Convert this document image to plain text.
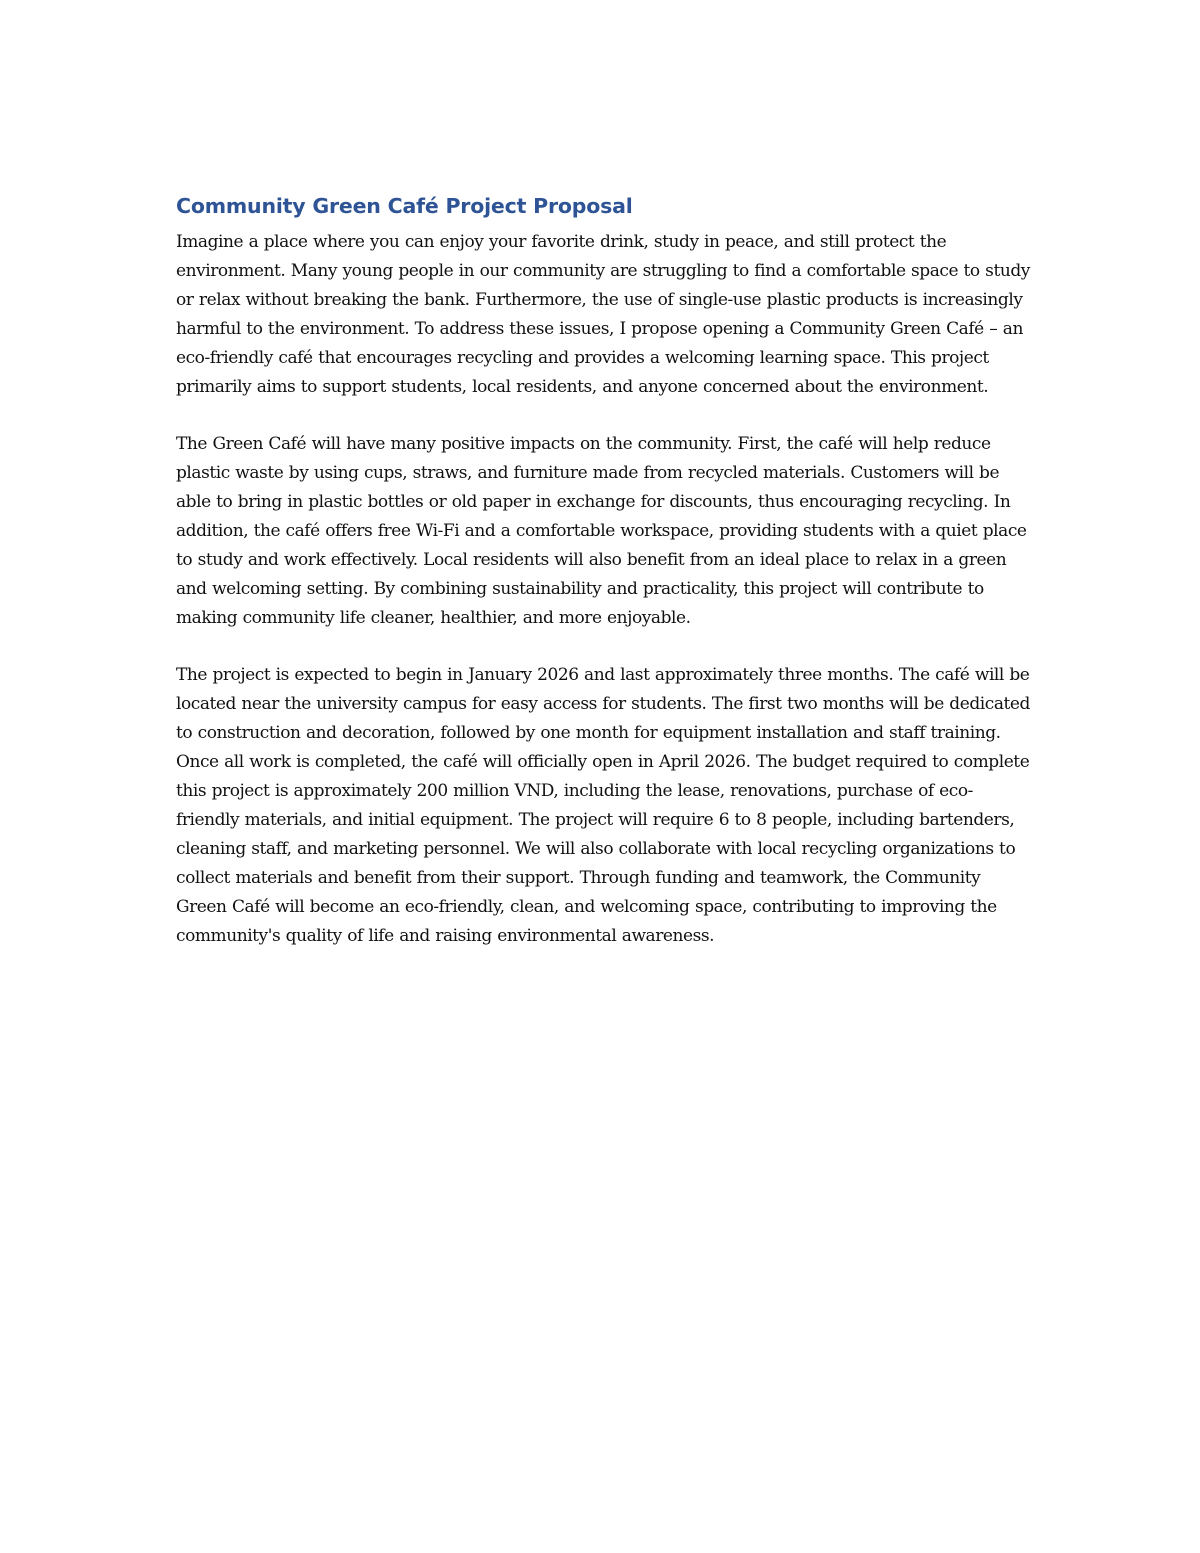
Community Green Café Project Proposal

Imagine a place where you can enjoy your favorite drink, study in peace, and still protect the environment. Many young people in our community are struggling to find a comfortable space to study or relax without breaking the bank. Furthermore, the use of single-use plastic products is increasingly harmful to the environment. To address these issues, I propose opening a Community Green Café – an eco-friendly café that encourages recycling and provides a welcoming learning space. This project primarily aims to support students, local residents, and anyone concerned about the environment.

The Green Café will have many positive impacts on the community. First, the café will help reduce plastic waste by using cups, straws, and furniture made from recycled materials. Customers will be able to bring in plastic bottles or old paper in exchange for discounts, thus encouraging recycling. In addition, the café offers free Wi-Fi and a comfortable workspace, providing students with a quiet place to study and work effectively. Local residents will also benefit from an ideal place to relax in a green and welcoming setting. By combining sustainability and practicality, this project will contribute to making community life cleaner, healthier, and more enjoyable.

The project is expected to begin in January 2026 and last approximately three months. The café will be located near the university campus for easy access for students. The first two months will be dedicated to construction and decoration, followed by one month for equipment installation and staff training. Once all work is completed, the café will officially open in April 2026. The budget required to complete this project is approximately 200 million VND, including the lease, renovations, purchase of eco-friendly materials, and initial equipment. The project will require 6 to 8 people, including bartenders, cleaning staff, and marketing personnel. We will also collaborate with local recycling organizations to collect materials and benefit from their support. Through funding and teamwork, the Community Green Café will become an eco-friendly, clean, and welcoming space, contributing to improving the community's quality of life and raising environmental awareness.
